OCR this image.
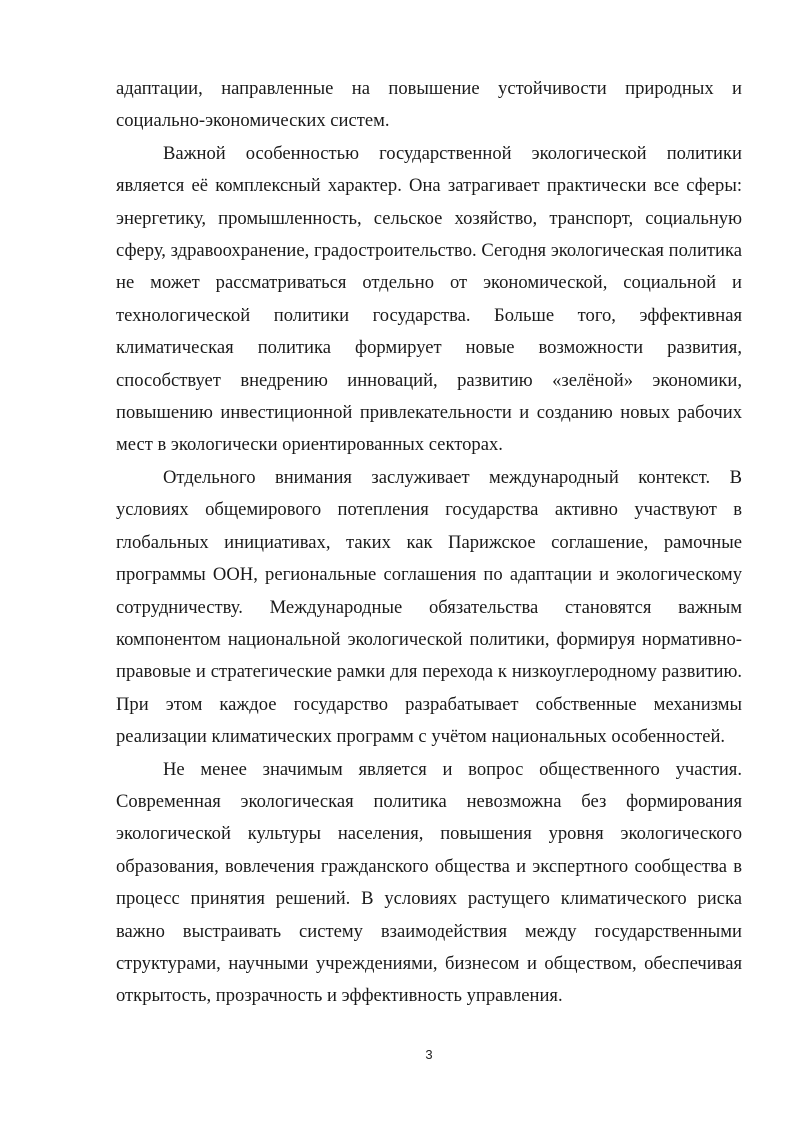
адаптации, направленные на повышение устойчивости природных и социально-экономических систем.

Важной особенностью государственной экологической политики является её комплексный характер. Она затрагивает практически все сферы: энергетику, промышленность, сельское хозяйство, транспорт, социальную сферу, здравоохранение, градостроительство. Сегодня экологическая политика не может рассматриваться отдельно от экономической, социальной и технологической политики государства. Больше того, эффективная климатическая политика формирует новые возможности развития, способствует внедрению инноваций, развитию «зелёной» экономики, повышению инвестиционной привлекательности и созданию новых рабочих мест в экологически ориентированных секторах.

Отдельного внимания заслуживает международный контекст. В условиях общемирового потепления государства активно участвуют в глобальных инициативах, таких как Парижское соглашение, рамочные программы ООН, региональные соглашения по адаптации и экологическому сотрудничеству. Международные обязательства становятся важным компонентом национальной экологической политики, формируя нормативно-правовые и стратегические рамки для перехода к низкоуглеродному развитию. При этом каждое государство разрабатывает собственные механизмы реализации климатических программ с учётом национальных особенностей.

Не менее значимым является и вопрос общественного участия. Современная экологическая политика невозможна без формирования экологической культуры населения, повышения уровня экологического образования, вовлечения гражданского общества и экспертного сообщества в процесс принятия решений. В условиях растущего климатического риска важно выстраивать систему взаимодействия между государственными структурами, научными учреждениями, бизнесом и обществом, обеспечивая открытость, прозрачность и эффективность управления.

3
